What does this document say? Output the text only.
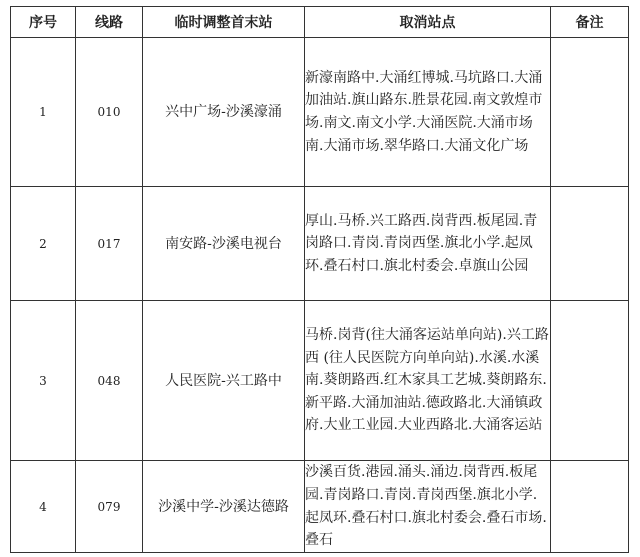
序号	线路	临时调整首末站	取消站点	备注
1	010	兴中广场-沙溪濠涌	新濠南路中.大涌红博城.马坑路口.大涌加油站.旗山路东.胜景花园.南文敦煌市场.南文.南文小学.大涌医院.大涌市场南.大涌市场.翠华路口.大涌文化广场	
2	017	南安路-沙溪电视台	厚山.马桥.兴工路西.岗背西.板尾园.青岗路口.青岗.青岗西堡.旗北小学.起凤环.叠石村口.旗北村委会.卓旗山公园	
3	048	人民医院-兴工路中	马桥.岗背(往大涌客运站单向站).兴工路西 (往人民医院方向单向站).水溪.水溪南.葵朗路西.红木家具工艺城.葵朗路东.新平路.大涌加油站.德政路北.大涌镇政府.大业工业园.大业西路北.大涌客运站	
4	079	沙溪中学-沙溪达德路	沙溪百货.港园.涌头.涌边.岗背西.板尾园.青岗路口.青岗.青岗西堡.旗北小学.起凤环.叠石村口.旗北村委会.叠石市场.叠石	
